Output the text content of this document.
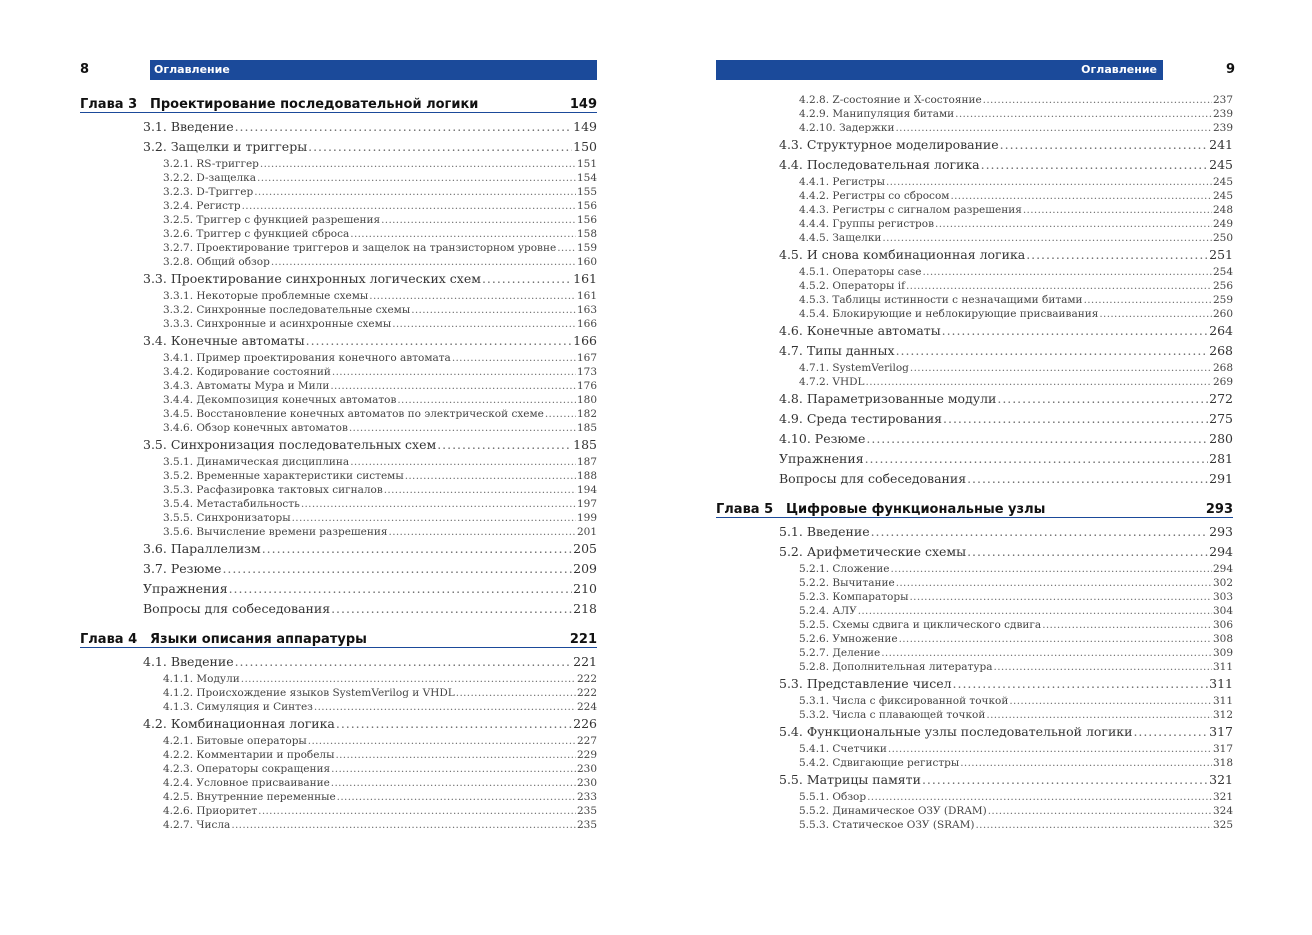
8	Оглавление
Глава 3 Проектирование последовательной логики	149
3.1. Введение . . .	149
3.2. Защелки и триггеры . . .	150
3.2.1. RS-триггер . . .	151
3.2.2. D-защелка . . .	154
3.2.3. D-Триггер . . .	155
3.2.4. Регистр . . .	156
3.2.5. Триггер с функцией разрешения . . .	156
3.2.6. Триггер с функцией сброса . . .	158
3.2.7. Проектирование триггеров и защелок на транзисторном уровне . . . 159
3.2.8. Общий обзор . . .	160
3.3. Проектирование синхронных логических схем . . .	161
3.3.1. Некоторые проблемные схемы . . .	161
3.3.2. Синхронные последовательные схемы . . .	163
3.3.3. Синхронные и асинхронные схемы . . .	166
3.4. Конечные автоматы . . .	166
3.4.1. Пример проектирования конечного автомата . . .	167
3.4.2. Кодирование состояний . . .	173
3.4.3. Автоматы Мура и Мили . . .	176
3.4.4. Декомпозиция конечных автоматов . . .	180
3.4.5. Восстановление конечных автоматов по электрической схеме . . .	182
3.4.6. Обзор конечных автоматов . . .	185
3.5. Синхронизация последовательных схем . . .	185
3.5.1. Динамическая дисциплина . . .	187
3.5.2. Временные характеристики системы . . .	188
3.5.3. Расфазировка тактовых сигналов . . .	194
3.5.4. Метастабильность . . .	197
3.5.5. Синхронизаторы . . .	199
3.5.6. Вычисление времени разрешения . . .	201
3.6. Параллелизм . . .	205
3.7. Резюме . . .	209
Упражнения . . .	210
Вопросы для собеседования . . .	218
Глава 4 Языки описания аппаратуры	221
4.1. Введение . . .	221
4.1.1. Модули . . .	222
4.1.2. Происхождение языков SystemVerilog и VHDL . . .	222
4.1.3. Симуляция и Синтез . . .	224
4.2. Комбинационная логика . . .	226
4.2.1. Битовые операторы . . .	227
4.2.2. Комментарии и пробелы . . .	229
4.2.3. Операторы сокращения . . .	230
4.2.4. Условное присваивание . . .	230
4.2.5. Внутренние переменные . . .	233
4.2.6. Приоритет . . .	235
4.2.7. Числа . . .	235
Оглавление	9
4.2.8. Z-состояние и X-состояние . . .	237
4.2.9. Манипуляция битами . . .	239
4.2.10. Задержки . . .	239
4.3. Структурное моделирование . . .	241
4.4. Последовательная логика . . .	245
4.4.1. Регистры . . .	245
4.4.2. Регистры со сбросом . . .	245
4.4.3. Регистры с сигналом разрешения . . .	248
4.4.4. Группы регистров . . .	249
4.4.5. Защелки . . .	250
4.5. И снова комбинационная логика . . .	251
4.5.1. Операторы case . . .	254
4.5.2. Операторы if . . .	256
4.5.3. Таблицы истинности с незначащими битами . . .	259
4.5.4. Блокирующие и неблокирующие присваивания . . .	260
4.6. Конечные автоматы . . .	264
4.7. Типы данных . . .	268
4.7.1. SystemVerilog . . .	268
4.7.2. VHDL . . .	269
4.8. Параметризованные модули . . .	272
4.9. Среда тестирования . . .	275
4.10. Резюме . . .	280
Упражнения . . .	281
Вопросы для собеседования . . .	291
Глава 5 Цифровые функциональные узлы	293
5.1. Введение . . .	293
5.2. Арифметические схемы . . .	294
5.2.1. Сложение . . .	294
5.2.2. Вычитание . . .	302
5.2.3. Компараторы . . .	303
5.2.4. АЛУ . . .	304
5.2.5. Схемы сдвига и циклического сдвига . . .	306
5.2.6. Умножение . . .	308
5.2.7. Деление . . .	309
5.2.8. Дополнительная литература . . .	311
5.3. Представление чисел . . .	311
5.3.1. Числа с фиксированной точкой . . .	311
5.3.2. Числа с плавающей точкой . . .	312
5.4. Функциональные узлы последовательной логики . . .	317
5.4.1. Счетчики . . .	317
5.4.2. Сдвигающие регистры . . .	318
5.5. Матрицы памяти . . .	321
5.5.1. Обзор . . .	321
5.5.2. Динамическое ОЗУ (DRAM) . . .	324
5.5.3. Статическое ОЗУ (SRAM) . . .	325
